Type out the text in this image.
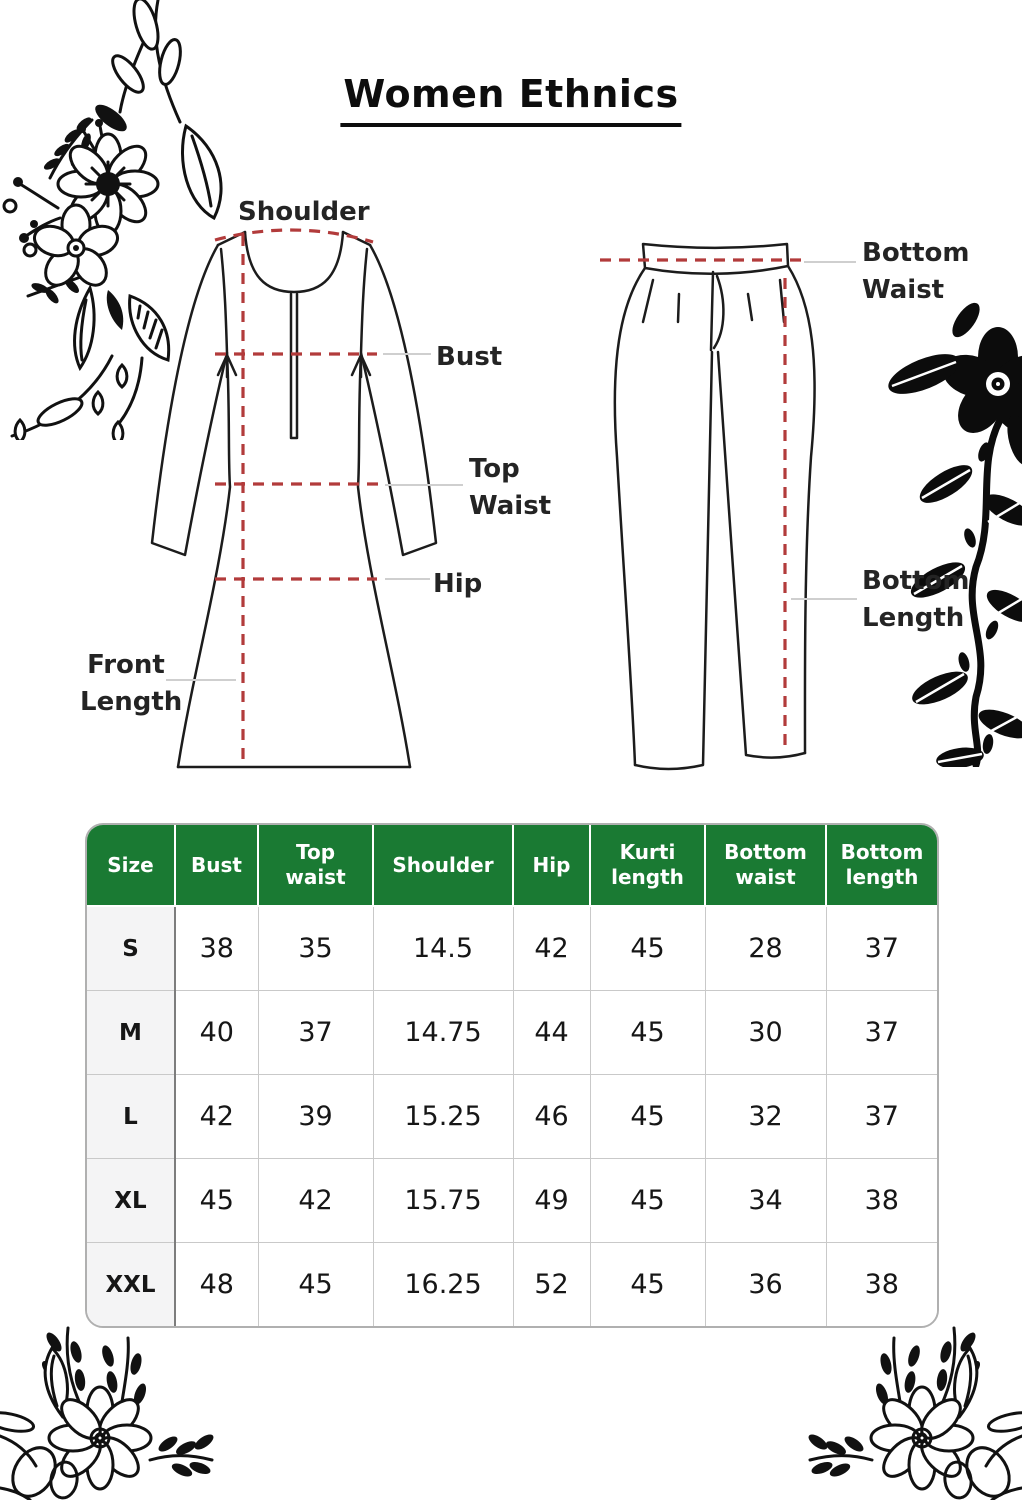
Women Ethnics
Shoulder
Bust
Top
Waist
Hip
Front
Length
Bottom
Waist
Bottom
Length
Size	Bust	Top waist	Shoulder	Hip	Kurti length	Bottom waist	Bottom length
S	38	35	14.5	42	45	28	37
M	40	37	14.75	44	45	30	37
L	42	39	15.25	46	45	32	37
XL	45	42	15.75	49	45	34	38
XXL	48	45	16.25	52	45	36	38
